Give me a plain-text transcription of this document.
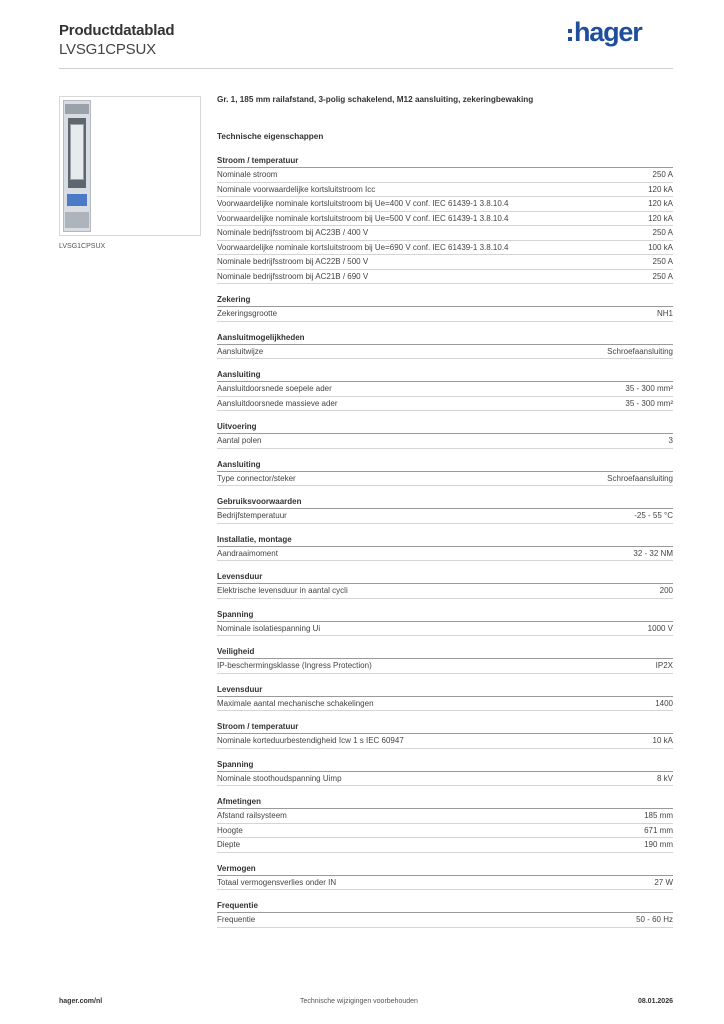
Productdatablad
LVSG1CPSUX
hager
LVSG1CPSUX
Gr. 1, 185 mm railafstand, 3-polig schakelend, M12 aansluiting, zekeringbewaking
Technische eigenschappen
Stroom / temperatuur
Nominale stroom	250 A
Nominale voorwaardelijke kortsluitstroom Icc	120 kA
Voorwaardelijke nominale kortsluitstroom bij Ue=400 V conf. IEC 61439-1 3.8.10.4	120 kA
Voorwaardelijke nominale kortsluitstroom bij Ue=500 V conf. IEC 61439-1 3.8.10.4	120 kA
Nominale bedrijfsstroom bij AC23B / 400 V	250 A
Voorwaardelijke nominale kortsluitstroom bij Ue=690 V conf. IEC 61439-1 3.8.10.4	100 kA
Nominale bedrijfsstroom bij AC22B / 500 V	250 A
Nominale bedrijfsstroom bij AC21B / 690 V	250 A
Zekering
Zekeringsgrootte	NH1
Aansluitmogelijkheden
Aansluitwijze	Schroefaansluiting
Aansluiting
Aansluitdoorsnede soepele ader	35 - 300 mm²
Aansluitdoorsnede massieve ader	35 - 300 mm²
Uitvoering
Aantal polen	3
Aansluiting
Type connector/steker	Schroefaansluiting
Gebruiksvoorwaarden
Bedrijfstemperatuur	-25 - 55 °C
Installatie, montage
Aandraaimoment	32 - 32 NM
Levensduur
Elektrische levensduur in aantal cycli	200
Spanning
Nominale isolatiespanning Ui	1000 V
Veiligheid
IP-beschermingsklasse (Ingress Protection)	IP2X
Levensduur
Maximale aantal mechanische schakelingen	1400
Stroom / temperatuur
Nominale korteduurbestendigheid Icw 1 s IEC 60947	10 kA
Spanning
Nominale stoothoudspanning Uimp	8 kV
Afmetingen
Afstand railsysteem	185 mm
Hoogte	671 mm
Diepte	190 mm
Vermogen
Totaal vermogensverlies onder IN	27 W
Frequentie
Frequentie	50 - 60 Hz
hager.com/nl	Technische wijzigingen voorbehouden	08.01.2026
